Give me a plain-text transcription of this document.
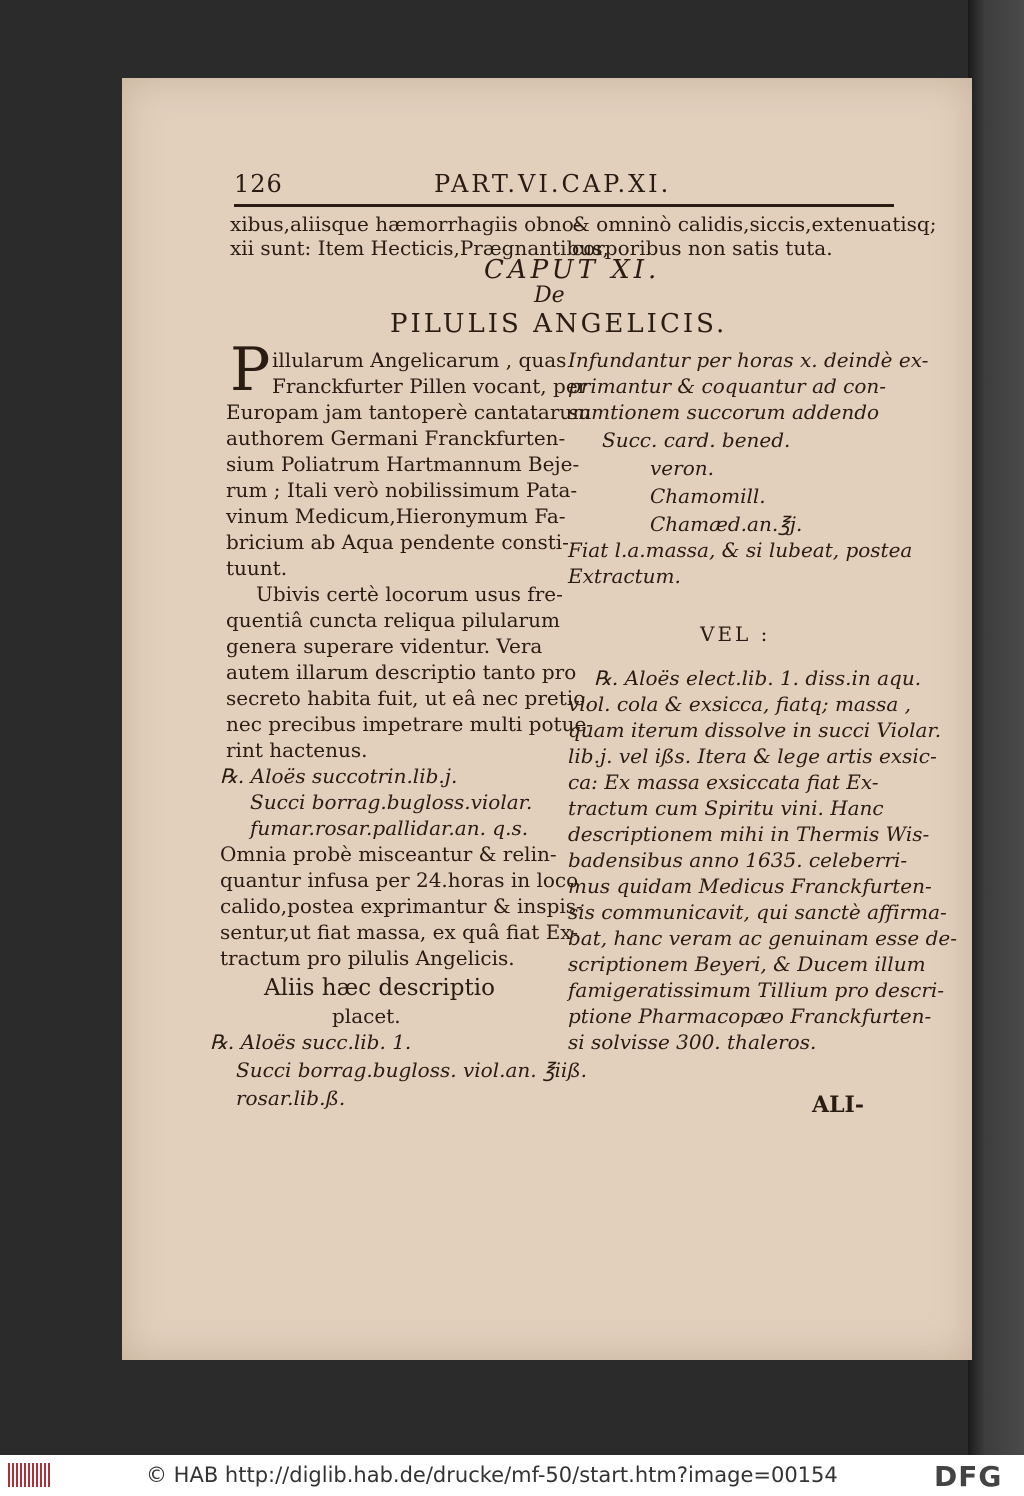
126	PART.VI.CAP.XI.
xibus,aliisque hæmorrhagiis obno-
xii sunt: Item Hecticis,Prægnantibus,
& omninò calidis,siccis,extenuatisq;
corporibus non satis tuta.
CAPUT XI.
De
PILULIS ANGELICIS.
P illularum Angelicarum , quas
Franckfurter Pillen vocant, per
Europam jam tantoperè cantatarum
authorem Germani Franckfurten-
sium Poliatrum Hartmannum Beje-
rum ; Itali verò nobilissimum Pata-
vinum Medicum,Hieronymum Fa-
bricium ab Aqua pendente consti-
tuunt.
Ubivis certè locorum usus fre-
quentiâ cuncta reliqua pilularum
genera superare videntur. Vera
autem illarum descriptio tanto pro
secreto habita fuit, ut eâ nec pretio,
nec precibus impetrare multi potue-
rint hactenus.
℞. Aloës succotrin.lib.j.
Succi borrag.bugloss.violar.
fumar.rosar.pallidar.an. q.s.
Omnia probè misceantur & relin-
quantur infusa per 24.horas in loco
calido,postea exprimantur & inspis-
sentur,ut fiat massa, ex quâ fiat Ex-
tractum pro pilulis Angelicis.
Aliis hæc descriptio
placet.
℞. Aloës succ.lib. 1.
Succi borrag.bugloss. viol.an. ℥iiß.
rosar.lib.ß.
Infundantur per horas x. deindè ex-
primantur & coquantur ad con-
sumtionem succorum addendo
Succ. card. bened.
veron.
Chamomill.
Chamæd.an.℥j.
Fiat l.a.massa, & si lubeat, postea
Extractum.
VEL :
℞. Aloës elect.lib. 1. diss.in aqu.
viol. cola & exsicca, fiatq; massa ,
quam iterum dissolve in succi Violar.
lib.j. vel ißs. Itera & lege artis exsic-
ca: Ex massa exsiccata fiat Ex-
tractum cum Spiritu vini. Hanc
descriptionem mihi in Thermis Wis-
badensibus anno 1635. celeberri-
mus quidam Medicus Franckfurten-
sis communicavit, qui sanctè affirma-
bat, hanc veram ac genuinam esse de-
scriptionem Beyeri, & Ducem illum
famigeratissimum Tillium pro descri-
ptione Pharmacopæo Franckfurten-
si solvisse 300. thaleros.
ALI-
© HAB http://diglib.hab.de/drucke/mf-50/start.htm?image=00154	DFG
